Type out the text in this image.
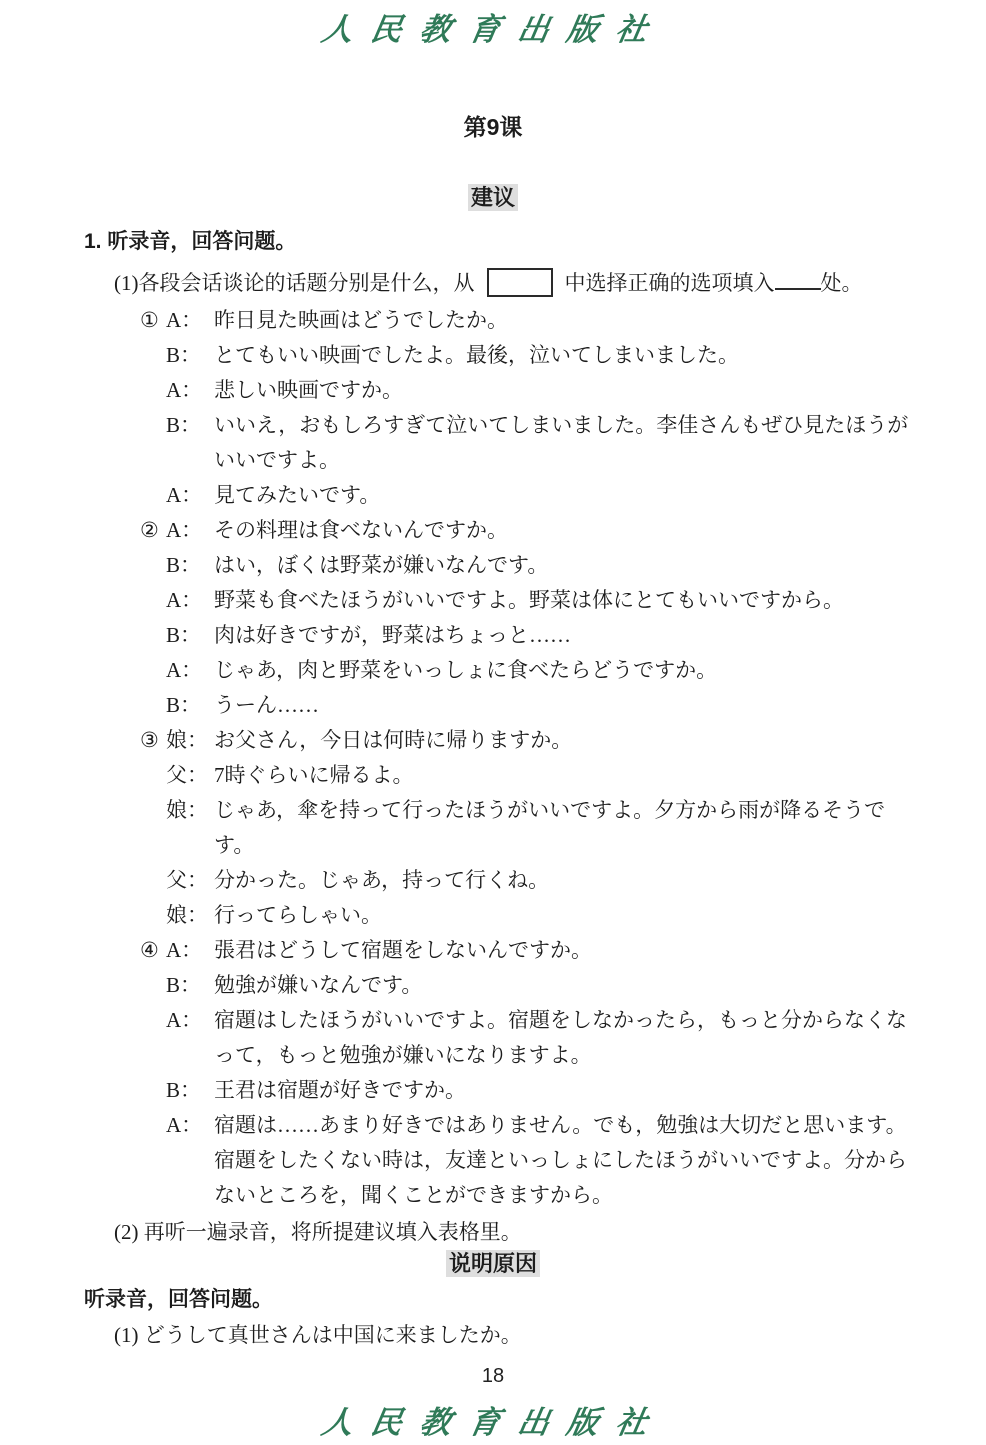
人民教育出版社
第9课
建议
1. 听录音，回答问题。
(1)各段会话谈论的话题分别是什么，从	中选择正确的选项填入 处。
① A： 昨日見た映画はどうでしたか。
B： とてもいい映画でしたよ。最後，泣いてしまいました。
A： 悲しい映画ですか。
B： いいえ，おもしろすぎて泣いてしまいました。李佳さんもぜひ見たほうがいいですよ。
A： 見てみたいです。
② A： その料理は食べないんですか。
B： はい，ぼくは野菜が嫌いなんです。
A： 野菜も食べたほうがいいですよ。野菜は体にとてもいいですから。
B： 肉は好きですが，野菜はちょっと……
A： じゃあ，肉と野菜をいっしょに食べたらどうですか。
B： うーん……
③ 娘： お父さん，今日は何時に帰りますか。
父： 7時ぐらいに帰るよ。
娘： じゃあ，傘を持って行ったほうがいいですよ。夕方から雨が降るそうです。
父： 分かった。じゃあ，持って行くね。
娘： 行ってらしゃい。
④ A： 張君はどうして宿題をしないんですか。
B： 勉強が嫌いなんです。
A： 宿題はしたほうがいいですよ。宿題をしなかったら，もっと分からなくなって，もっと勉強が嫌いになりますよ。
B： 王君は宿題が好きですか。
A： 宿題は……あまり好きではありません。でも，勉強は大切だと思います。宿題をしたくない時は，友達といっしょにしたほうがいいですよ。分からないところを，聞くことができますから。
(2) 再听一遍录音，将所提建议填入表格里。
说明原因
听录音，回答问题。
(1) どうして真世さんは中国に来ましたか。
18
人民教育出版社
